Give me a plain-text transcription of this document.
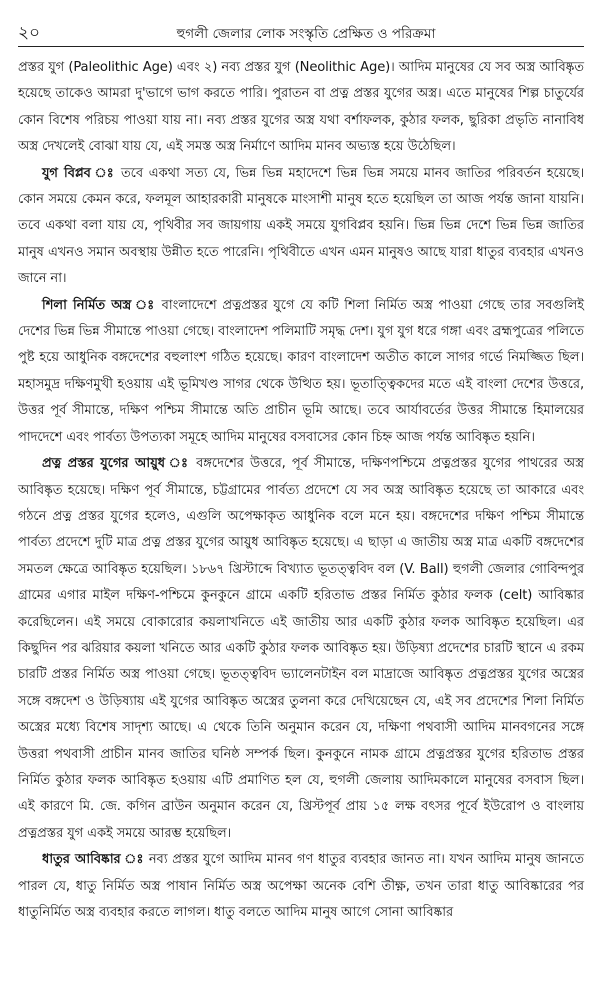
২০	হুগলী জেলার লোক সংস্কৃতি প্রেক্ষিত ও পরিক্রমা

প্রস্তর যুগ (Paleolithic Age) এবং ২) নব্য প্রস্তর যুগ (Neolithic Age)। আদিম মানুষের যে সব অস্ত্র আবিষ্কৃত হয়েছে তাকেও আমরা দু'ভাগে ভাগ করতে পারি। পুরাতন বা প্রত্ন প্রস্তর যুগের অস্ত্র। এতে মানুষের শিল্প চাতুর্যের কোন বিশেষ পরিচয় পাওয়া যায় না। নব্য প্রস্তর যুগের অস্ত্র যথা বর্শাফলক, কুঠার ফলক, ছুরিকা প্রভৃতি নানাবিধ অস্ত্র দেখলেই বোঝা যায় যে, এই সমস্ত অস্ত্র নির্মাণে আদিম মানব অভ্যস্ত হয়ে উঠেছিল।

যুগ বিপ্লব ঃ তবে একথা সত্য যে, ভিন্ন ভিন্ন মহাদেশে ভিন্ন ভিন্ন সময়ে মানব জাতির পরিবর্তন হয়েছে। কোন সময়ে কেমন করে, ফলমূল আহারকারী মানুষকে মাংসাশী মানুষ হতে হয়েছিল তা আজ পর্যন্ত জানা যায়নি। তবে একথা বলা যায় যে, পৃথিবীর সব জায়গায় একই সময়ে যুগবিপ্লব হয়নি। ভিন্ন ভিন্ন দেশে ভিন্ন ভিন্ন জাতির মানুষ এখনও সমান অবস্থায় উন্নীত হতে পারেনি। পৃথিবীতে এখন এমন মানুষও আছে যারা ধাতুর ব্যবহার এখনও জানে না।

শিলা নির্মিত অস্ত্র ঃ বাংলাদেশে প্রত্নপ্রস্তর যুগে যে কটি শিলা নির্মিত অস্ত্র পাওয়া গেছে তার সবগুলিই দেশের ভিন্ন ভিন্ন সীমান্তে পাওয়া গেছে। বাংলাদেশ পলিমাটি সমৃদ্ধ দেশ। যুগ যুগ ধরে গঙ্গা এবং ব্রহ্মপুত্রের পলিতে পুষ্ট হয়ে আধুনিক বঙ্গদেশের বহুলাংশ গঠিত হয়েছে। কারণ বাংলাদেশ অতীত কালে সাগর গর্ভে নিমজ্জিত ছিল। মহাসমুদ্র দক্ষিণমুখী হওয়ায় এই ভূমিখণ্ড সাগর থেকে উত্থিত হয়। ভূতাত্ত্বিকদের মতে এই বাংলা দেশের উত্তরে, উত্তর পূর্ব সীমান্তে, দক্ষিণ পশ্চিম সীমান্তে অতি প্রাচীন ভূমি আছে। তবে আর্যাবর্তের উত্তর সীমান্তে হিমালয়ের পাদদেশে এবং পার্বত্য উপত্যকা সমূহে আদিম মানুষের বসবাসের কোন চিহ্ন আজ পর্যন্ত আবিষ্কৃত হয়নি।

প্রত্ন প্রস্তর যুগের আয়ুধ ঃ বঙ্গদেশের উত্তরে, পূর্ব সীমান্তে, দক্ষিণপশ্চিমে প্রত্নপ্রস্তর যুগের পাথরের অস্ত্র আবিষ্কৃত হয়েছে। দক্ষিণ পূর্ব সীমান্তে, চট্টগ্রামের পার্বত্য প্রদেশে যে সব অস্ত্র আবিষ্কৃত হয়েছে তা আকারে এবং গঠনে প্রত্ন প্রস্তর যুগের হলেও, এগুলি অপেক্ষাকৃত আধুনিক বলে মনে হয়। বঙ্গদেশের দক্ষিণ পশ্চিম সীমান্তে পার্বত্য প্রদেশে দুটি মাত্র প্রত্ন প্রস্তর যুগের আয়ুধ আবিষ্কৃত হয়েছে। এ ছাড়া এ জাতীয় অস্ত্র মাত্র একটি বঙ্গদেশের সমতল ক্ষেত্রে আবিষ্কৃত হয়েছিল। ১৮৬৭ খ্রিস্টাব্দে বিখ্যাত ভূতত্ত্ববিদ বল (V. Ball) হুগলী জেলার গোবিন্দপুর গ্রামের এগার মাইল দক্ষিণ-পশ্চিমে কুনকুনে গ্রামে একটি হরিতাভ প্রস্তর নির্মিত কুঠার ফলক (celt) আবিষ্কার করেছিলেন। এই সময়ে বোকারোর কয়লাখনিতে এই জাতীয় আর একটি কুঠার ফলক আবিষ্কৃত হয়েছিল। এর কিছুদিন পর ঝরিয়ার কয়লা খনিতে আর একটি কুঠার ফলক আবিষ্কৃত হয়। উড়িষ্যা প্রদেশের চারটি স্থানে এ রকম চারটি প্রস্তর নির্মিত অস্ত্র পাওয়া গেছে। ভূতত্ত্ববিদ ভ্যালেনটাইন বল মাদ্রাজে আবিষ্কৃত প্রত্নপ্রস্তর যুগের অস্ত্রের সঙ্গে বঙ্গদেশ ও উড়িষ্যায় এই যুগের আবিষ্কৃত অস্ত্রের তুলনা করে দেখিয়েছেন যে, এই সব প্রদেশের শিলা নির্মিত অস্ত্রের মধ্যে বিশেষ সাদৃশ্য আছে। এ থেকে তিনি অনুমান করেন যে, দক্ষিণা পথবাসী আদিম মানবগনের সঙ্গে উত্তরা পথবাসী প্রাচীন মানব জাতির ঘনিষ্ঠ সম্পর্ক ছিল। কুনকুনে নামক গ্রামে প্রত্নপ্রস্তর যুগের হরিতাভ প্রস্তর নির্মিত কুঠার ফলক আবিষ্কৃত হওয়ায় এটি প্রমাণিত হল যে, হুগলী জেলায় আদিমকালে মানুষের বসবাস ছিল। এই কারণে মি. জে. কগিন ব্রাউন অনুমান করেন যে, খ্রিস্টপূর্ব প্রায় ১৫ লক্ষ বৎসর পূর্বে ইউরোপ ও বাংলায় প্রত্নপ্রস্তর যুগ একই সময়ে আরম্ভ হয়েছিল।

ধাতুর আবিষ্কার ঃ নব্য প্রস্তর যুগে আদিম মানব গণ ধাতুর ব্যবহার জানত না। যখন আদিম মানুষ জানতে পারল যে, ধাতু নির্মিত অস্ত্র পাষান নির্মিত অস্ত্র অপেক্ষা অনেক বেশি তীক্ষ্ণ, তখন তারা ধাতু আবিষ্কারের পর ধাতুনির্মিত অস্ত্র ব্যবহার করতে লাগল। ধাতু বলতে আদিম মানুষ আগে সোনা আবিষ্কার
